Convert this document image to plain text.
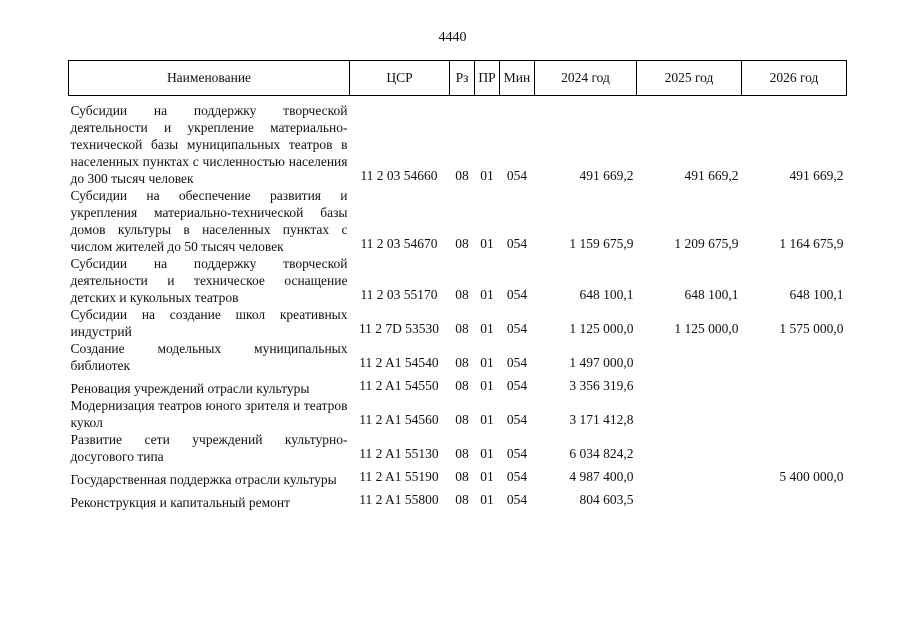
4440
Наименование	ЦСР	Рз	ПР	Мин	2024 год	2025 год	2026 год
Субсидии на поддержку творческой деятельности и укрепление материально-технической базы муниципальных театров в населенных пунктах с численностью населения до 300 тысяч человек	11 2 03 54660	08	01	054	491 669,2	491 669,2	491 669,2
Субсидии на обеспечение развития и укрепления материально-технической базы домов культуры в населенных пунктах с числом жителей до 50 тысяч человек	11 2 03 54670	08	01	054	1 159 675,9	1 209 675,9	1 164 675,9
Субсидии на поддержку творческой деятельности и техническое оснащение детских и кукольных театров	11 2 03 55170	08	01	054	648 100,1	648 100,1	648 100,1
Субсидии на создание школ креативных индустрий	11 2 7D 53530	08	01	054	1 125 000,0	1 125 000,0	1 575 000,0
Создание модельных муниципальных библиотек	11 2 A1 54540	08	01	054	1 497 000,0		
Реновация учреждений отрасли культуры	11 2 A1 54550	08	01	054	3 356 319,6		
Модернизация театров юного зрителя и театров кукол	11 2 A1 54560	08	01	054	3 171 412,8		
Развитие сети учреждений культурно-досугового типа	11 2 A1 55130	08	01	054	6 034 824,2		
Государственная поддержка отрасли культуры	11 2 A1 55190	08	01	054	4 987 400,0		5 400 000,0
Реконструкция и капитальный ремонт	11 2 A1 55800	08	01	054	804 603,5		
